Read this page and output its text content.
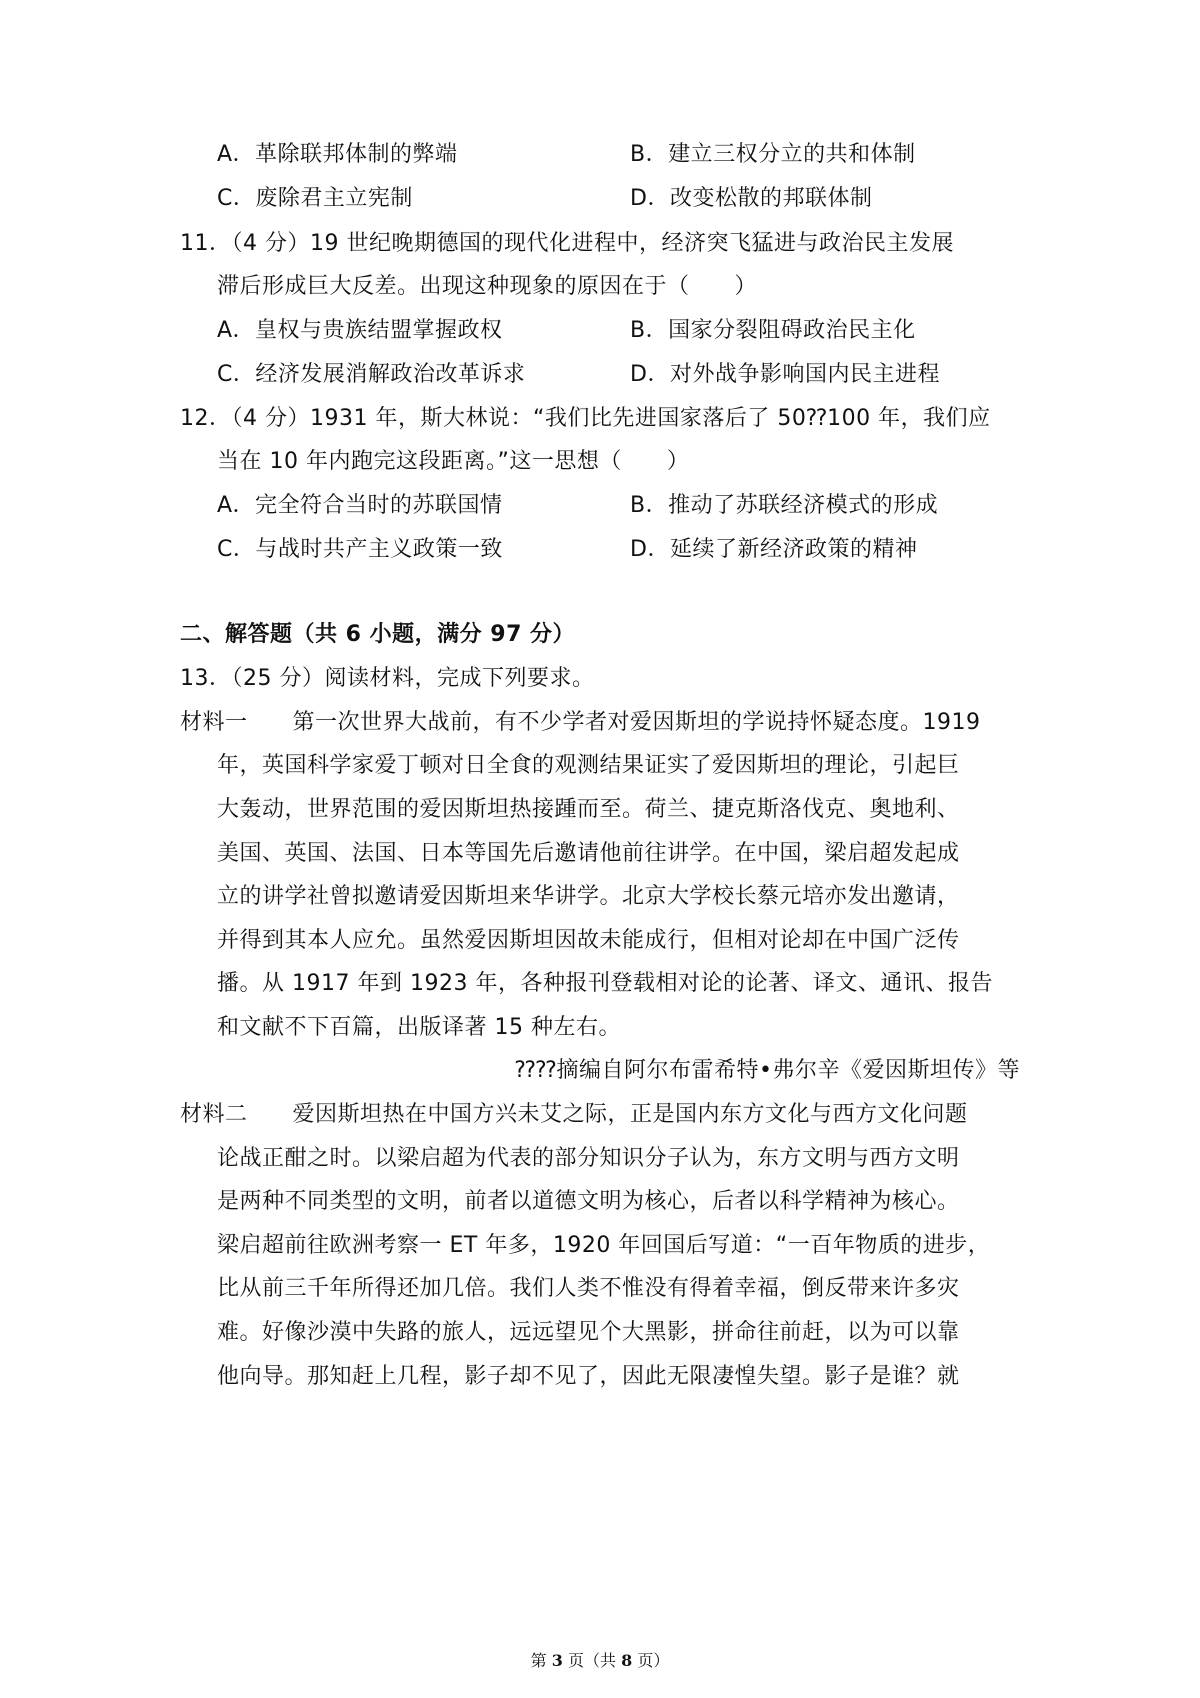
A．革除联邦体制的弊端	B．建立三权分立的共和体制
C．废除君主立宪制	D．改变松散的邦联体制
11．（4 分）19 世纪晚期德国的现代化进程中，经济突飞猛进与政治民主发展
滞后形成巨大反差。出现这种现象的原因在于（　　）
A．皇权与贵族结盟掌握政权	B．国家分裂阻碍政治民主化
C．经济发展消解政治改革诉求	D．对外战争影响国内民主进程
12．（4 分）1931 年，斯大林说：“我们比先进国家落后了 50⁇100 年，我们应
当在 10 年内跑完这段距离。”这一思想（　　）
A．完全符合当时的苏联国情	B．推动了苏联经济模式的形成
C．与战时共产主义政策一致	D．延续了新经济政策的精神
二、解答题（共 6 小题，满分 97 分）
13．（25 分）阅读材料，完成下列要求。
材料一　　第一次世界大战前，有不少学者对爱因斯坦的学说持怀疑态度。1919
年，英国科学家爱丁顿对日全食的观测结果证实了爱因斯坦的理论，引起巨
大轰动，世界范围的爱因斯坦热接踵而至。荷兰、捷克斯洛伐克、奥地利、
美国、英国、法国、日本等国先后邀请他前往讲学。在中国，梁启超发起成
立的讲学社曾拟邀请爱因斯坦来华讲学。北京大学校长蔡元培亦发出邀请，
并得到其本人应允。虽然爱因斯坦因故未能成行，但相对论却在中国广泛传
播。从 1917 年到 1923 年，各种报刊登载相对论的论著、译文、通讯、报告
和文献不下百篇，出版译著 15 种左右。
⁇⁇摘编自阿尔布雷希特•弗尔辛《爱因斯坦传》等
材料二　　爱因斯坦热在中国方兴未艾之际，正是国内东方文化与西方文化问题
论战正酣之时。以梁启超为代表的部分知识分子认为，东方文明与西方文明
是两种不同类型的文明，前者以道德文明为核心，后者以科学精神为核心。
梁启超前往欧洲考察一 ET 年多，1920 年回国后写道：“一百年物质的进步，
比从前三千年所得还加几倍。我们人类不惟没有得着幸福，倒反带来许多灾
难。好像沙漠中失路的旅人，远远望见个大黑影，拼命往前赶，以为可以靠
他向导。那知赶上几程，影子却不见了，因此无限凄惶失望。影子是谁？就
第 3 页（共 8 页）
